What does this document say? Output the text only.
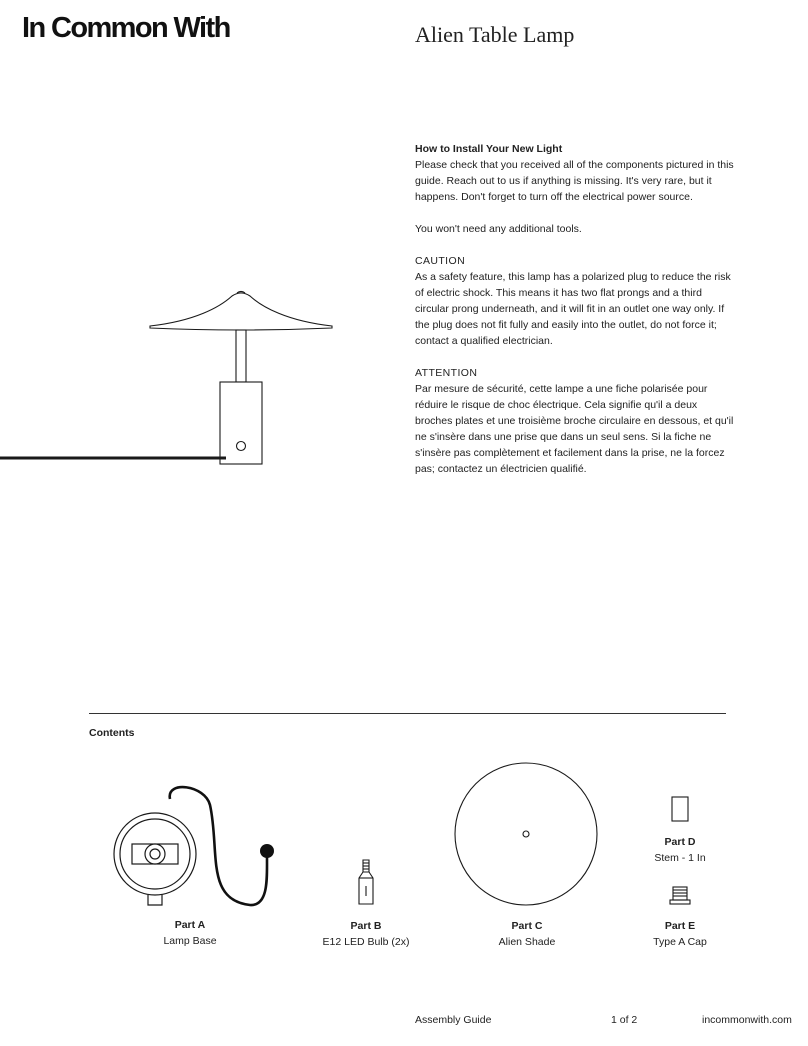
In Common With	Alien Table Lamp
How to Install Your New Light

Please check that you received all of the components pictured in this guide. Reach out to us if anything is missing. It's very rare, but it happens. Don't forget to turn off the electrical power source.

You won't need any additional tools.

CAUTION

As a safety feature, this lamp has a polarized plug to reduce the risk of electric shock. This means it has two flat prongs and a third circular prong underneath, and it will fit in an outlet one way only. If the plug does not fit fully and easily into the outlet, do not force it; contact a qualified electrician.

ATTENTION

Par mesure de sécurité, cette lampe a une fiche polarisée pour réduire le risque de choc électrique. Cela signifie qu'il a deux broches plates et une troisième broche circulaire en dessous, et qu'il ne s'insère dans une prise que dans un seul sens. Si la fiche ne s'insère pas complètement et facilement dans la prise, ne la forcez pas; contactez un électricien qualifié.

Contents
Part A
Lamp Base
Part B
E12 LED Bulb (2x)
Part C
Alien Shade
Part D
Stem - 1 In
Part E
Type A Cap
Assembly Guide	1 of 2	incommonwith.com
